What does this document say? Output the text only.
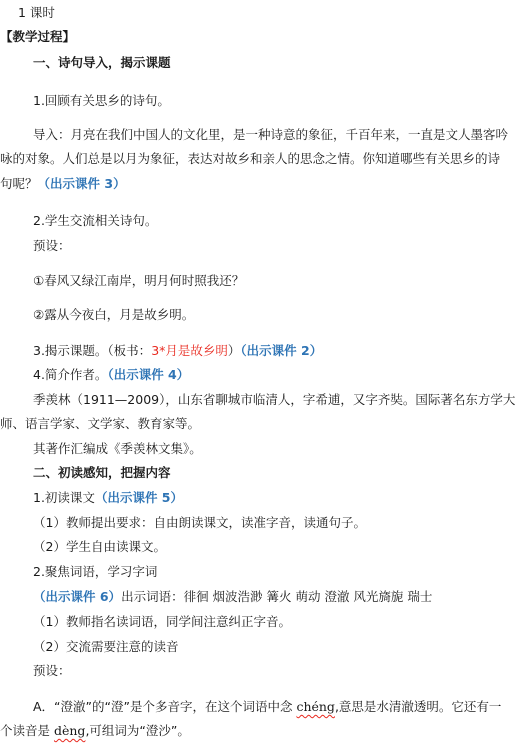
1 课时
【教学过程】
一、诗句导入，揭示课题
1.回顾有关思乡的诗句。
导入：月亮在我们中国人的文化里，是一种诗意的象征，千百年来，一直是文人墨客吟
咏的对象。人们总是以月为象征，表达对故乡和亲人的思念之情。你知道哪些有关思乡的诗
句呢？（出示课件 3）
2.学生交流相关诗句。
预设：
①春风又绿江南岸，明月何时照我还？
②露从今夜白，月是故乡明。
3.揭示课题。（板书：3*月是故乡明）（出示课件 2）
4.简介作者。（出示课件 4）
季羡林（1911—2009），山东省聊城市临清人，字希逋，又字齐奘。国际著名东方学大
师、语言学家、文学家、教育家等。
其著作汇编成《季羡林文集》。
二、初读感知，把握内容
1.初读课文（出示课件 5）
（1）教师提出要求：自由朗读课文，读准字音，读通句子。
（2）学生自由读课文。
2.聚焦词语，学习字词
（出示课件 6）出示词语：徘徊 烟波浩渺 篝火 萌动 澄澈 风光旖旎 瑞士
（1）教师指名读词语，同学间注意纠正字音。
（2）交流需要注意的读音
预设：
A．“澄澈”的“澄”是个多音字，在这个词语中念 chéng,意思是水清澈透明。它还有一
个读音是 dèng,可组词为“澄沙”。
